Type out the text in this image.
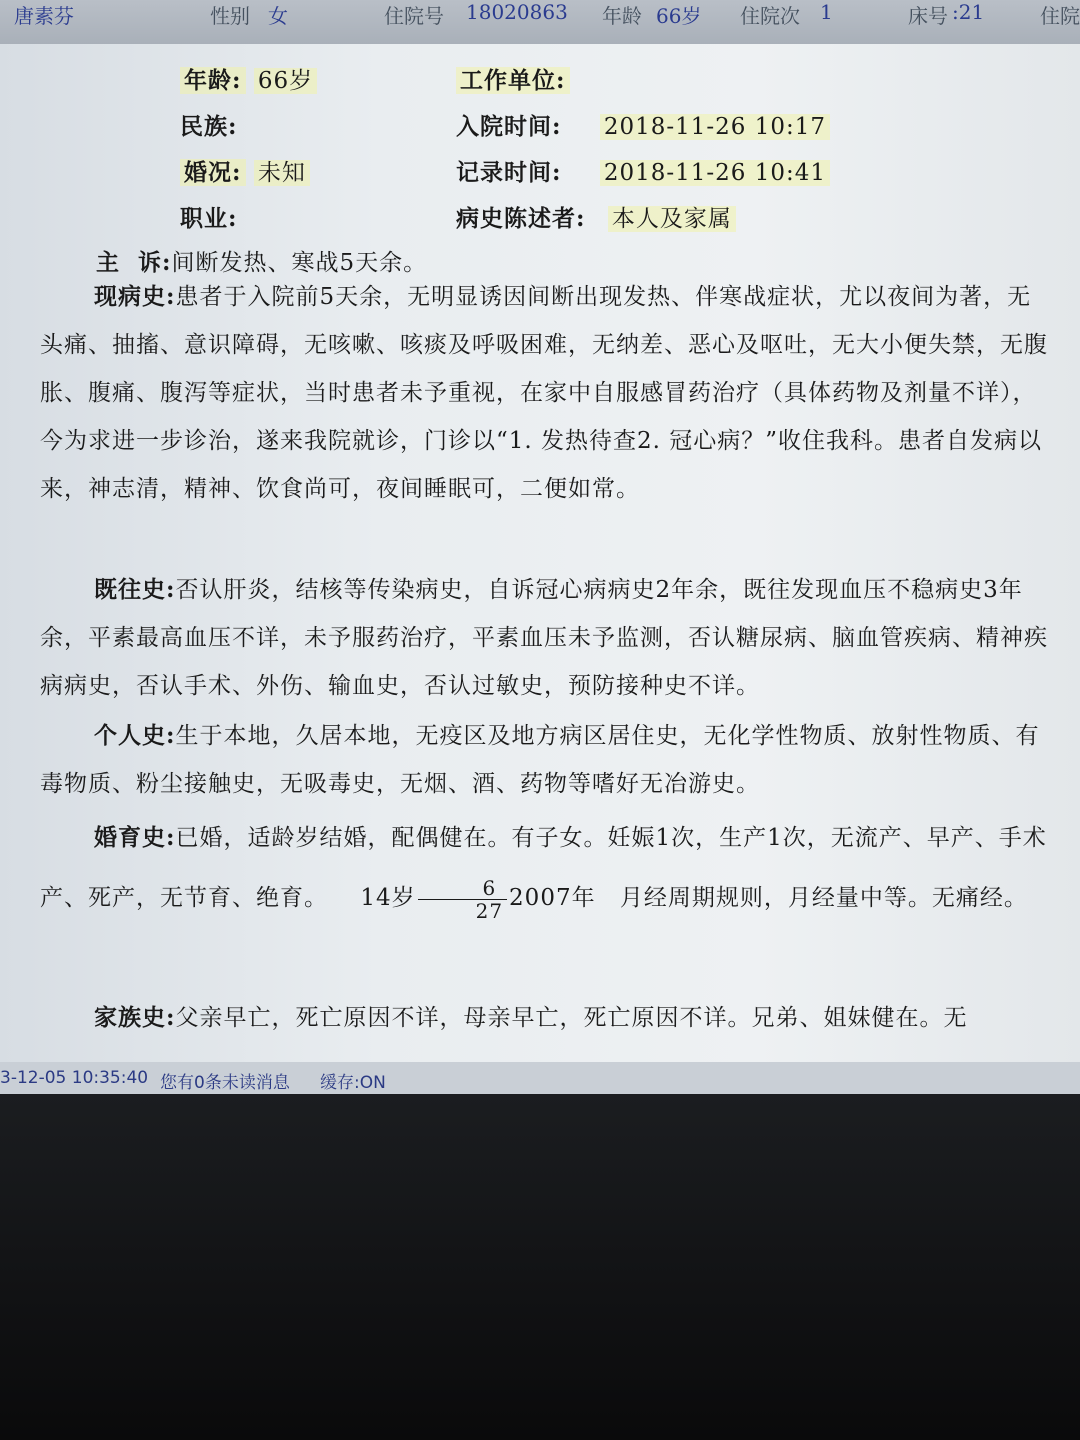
唐素芬	性别 女	住院号 18020863 年龄 66岁 住院次 1	床号 :21	住院
年龄: 66岁	工作单位:
民族:	入院时间: 2018-11-26 10:17
婚况: 未知	记录时间: 2018-11-26 10:41
职业:	病史陈述者: 本人及家属
主  诉:间断发热、寒战5天余。
现病史:患者于入院前5天余，无明显诱因间断出现发热、伴寒战症状，尤以夜间为著，无头痛、抽搐、意识障碍，无咳嗽、咳痰及呼吸困难，无纳差、恶心及呕吐，无大小便失禁，无腹胀、腹痛、腹泻等症状，当时患者未予重视，在家中自服感冒药治疗（具体药物及剂量不详），今为求进一步诊治，遂来我院就诊，门诊以“1. 发热待查2. 冠心病？”收住我科。患者自发病以来，神志清，精神、饮食尚可，夜间睡眠可，二便如常。
既往史:否认肝炎，结核等传染病史，自诉冠心病病史2年余，既往发现血压不稳病史3年余，平素最高血压不详，未予服药治疗，平素血压未予监测，否认糖尿病、脑血管疾病、精神疾病病史，否认手术、外伤、输血史，否认过敏史，预防接种史不详。
个人史:生于本地，久居本地，无疫区及地方病区居住史，无化学性物质、放射性物质、有毒物质、粉尘接触史，无吸毒史，无烟、酒、药物等嗜好无冶游史。
婚育史:已婚，适龄岁结婚，配偶健在。有子女。妊娠1次，生产1次，无流产、早产、手术产、死产，无节育、绝育。 14岁 $\frac{6}{27} 2007$年 月经周期规则，月经量中等。无痛经。
家族史:父亲早亡，死亡原因不详，母亲早亡，死亡原因不详。兄弟、姐妹健在。无
3-12-05 10:35:40 您有0条未读消息 缓存:ON
